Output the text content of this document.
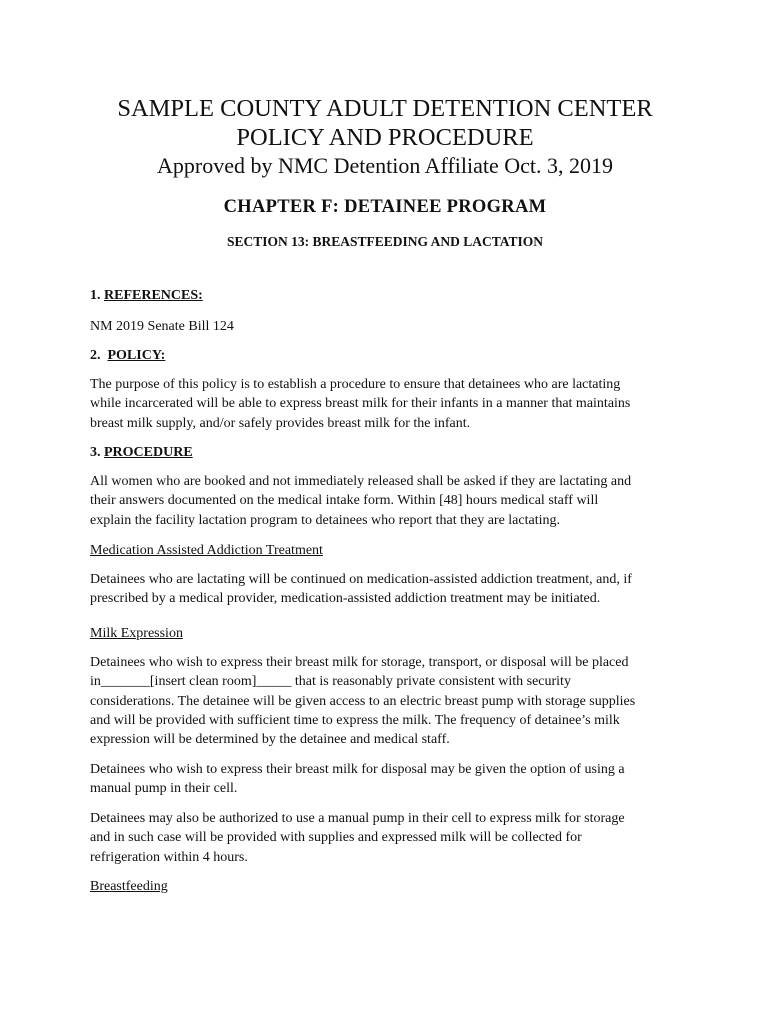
SAMPLE COUNTY ADULT DETENTION CENTER
POLICY AND PROCEDURE
Approved by NMC Detention Affiliate Oct. 3, 2019
CHAPTER F: DETAINEE PROGRAM
SECTION 13: BREASTFEEDING AND LACTATION
1. REFERENCES:
NM 2019 Senate Bill 124
2.  POLICY:
The purpose of this policy is to establish a procedure to ensure that detainees who are lactating
while incarcerated will be able to express breast milk for their infants in a manner that maintains
breast milk supply, and/or safely provides breast milk for the infant.
3. PROCEDURE
All women who are booked and not immediately released shall be asked if they are lactating and
their answers documented on the medical intake form. Within [48] hours medical staff will
explain the facility lactation program to detainees who report that they are lactating.
Medication Assisted Addiction Treatment
Detainees who are lactating will be continued on medication-assisted addiction treatment, and, if
prescribed by a medical provider, medication-assisted addiction treatment may be initiated.
Milk Expression
Detainees who wish to express their breast milk for storage, transport, or disposal will be placed
in_______[insert clean room]_____ that is reasonably private consistent with security
considerations. The detainee will be given access to an electric breast pump with storage supplies
and will be provided with sufficient time to express the milk. The frequency of detainee’s milk
expression will be determined by the detainee and medical staff.
Detainees who wish to express their breast milk for disposal may be given the option of using a
manual pump in their cell.
Detainees may also be authorized to use a manual pump in their cell to express milk for storage
and in such case will be provided with supplies and expressed milk will be collected for
refrigeration within 4 hours.
Breastfeeding
